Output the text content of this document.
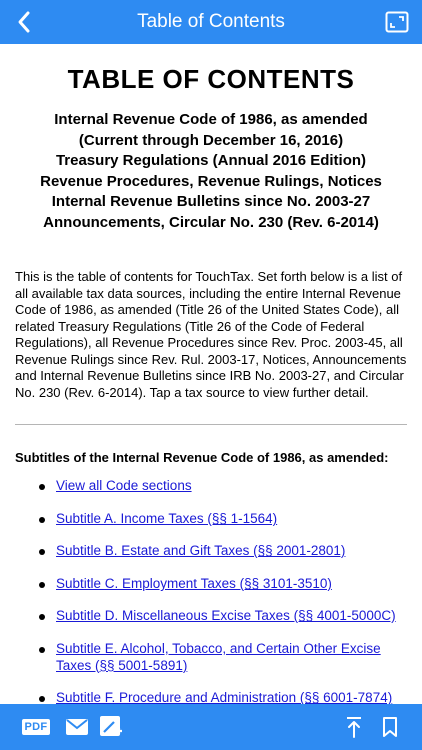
Table of Contents
TABLE OF CONTENTS
Internal Revenue Code of 1986, as amended
(Current through December 16, 2016)
Treasury Regulations (Annual 2016 Edition)
Revenue Procedures, Revenue Rulings, Notices
Internal Revenue Bulletins since No. 2003-27
Announcements, Circular No. 230 (Rev. 6-2014)
This is the table of contents for TouchTax. Set forth below is a list of all available tax data sources, including the entire Internal Revenue Code of 1986, as amended (Title 26 of the United States Code), all related Treasury Regulations (Title 26 of the Code of Federal Regulations), all Revenue Procedures since Rev. Proc. 2003-45, all Revenue Rulings since Rev. Rul. 2003-17, Notices, Announcements and Internal Revenue Bulletins since IRB No. 2003-27, and Circular No. 230 (Rev. 6-2014). Tap a tax source to view further detail.
Subtitles of the Internal Revenue Code of 1986, as amended:
View all Code sections
Subtitle A. Income Taxes (§§ 1-1564)
Subtitle B. Estate and Gift Taxes (§§ 2001-2801)
Subtitle C. Employment Taxes (§§ 3101-3510)
Subtitle D. Miscellaneous Excise Taxes (§§ 4001-5000C)
Subtitle E. Alcohol, Tobacco, and Certain Other Excise Taxes (§§ 5001-5891)
Subtitle F. Procedure and Administration (§§ 6001-7874)
PDF
